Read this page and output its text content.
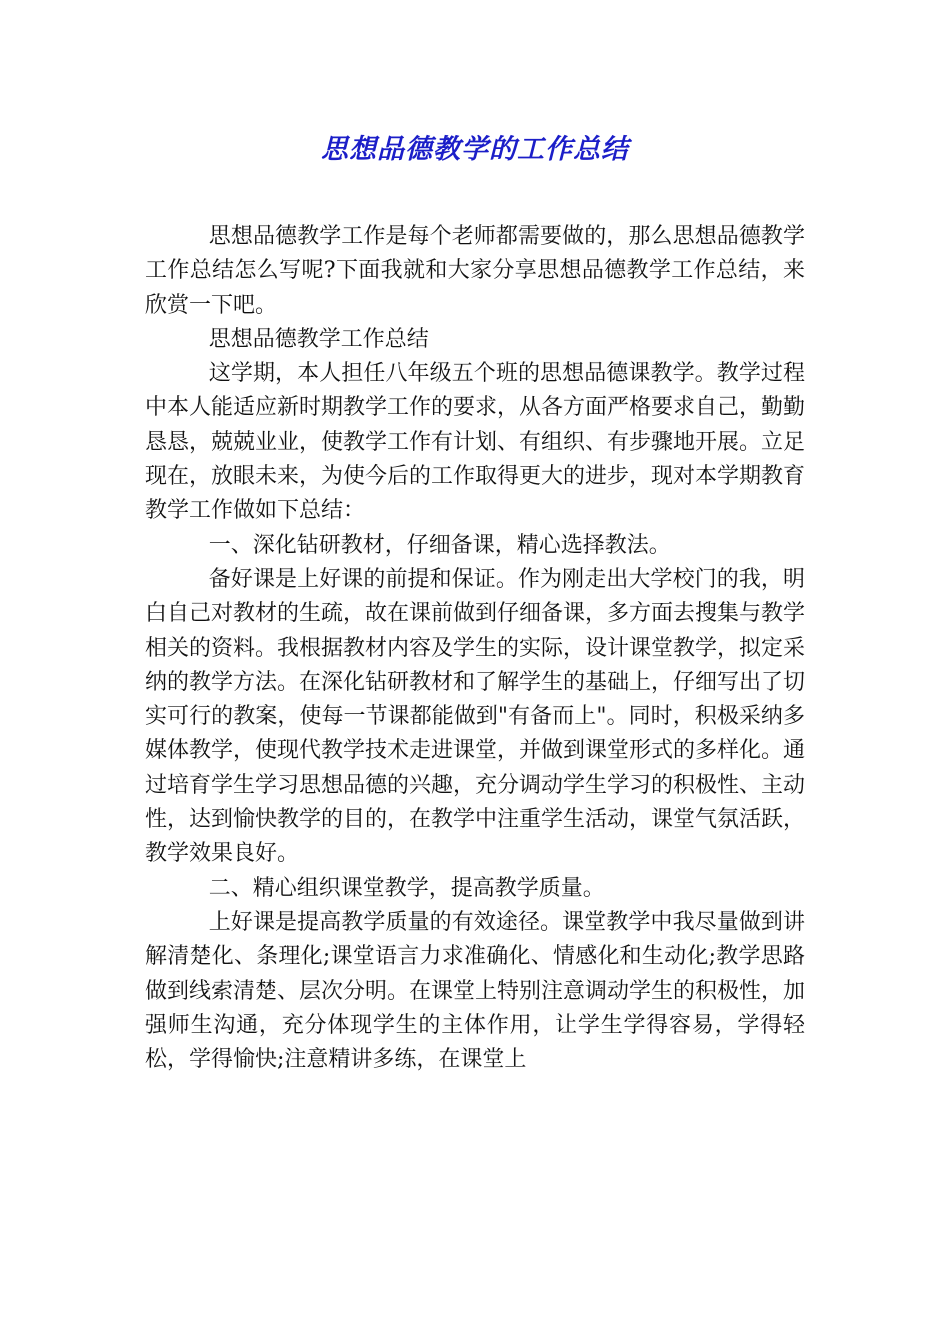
思想品德教学的工作总结

思想品德教学工作是每个老师都需要做的，那么思想品德教学工作总结怎么写呢?下面我就和大家分享思想品德教学工作总结，来欣赏一下吧。

思想品德教学工作总结

这学期，本人担任八年级五个班的思想品德课教学。教学过程中本人能适应新时期教学工作的要求，从各方面严格要求自己，勤勤恳恳，兢兢业业，使教学工作有计划、有组织、有步骤地开展。立足现在，放眼未来，为使今后的工作取得更大的进步，现对本学期教育教学工作做如下总结：

一、深化钻研教材，仔细备课，精心选择教法。

备好课是上好课的前提和保证。作为刚走出大学校门的我，明白自己对教材的生疏，故在课前做到仔细备课，多方面去搜集与教学相关的资料。我根据教材内容及学生的实际，设计课堂教学，拟定采纳的教学方法。在深化钻研教材和了解学生的基础上，仔细写出了切实可行的教案，使每一节课都能做到"有备而上"。同时，积极采纳多媒体教学，使现代教学技术走进课堂，并做到课堂形式的多样化。通过培育学生学习思想品德的兴趣，充分调动学生学习的积极性、主动性，达到愉快教学的目的，在教学中注重学生活动，课堂气氛活跃，教学效果良好。

二、精心组织课堂教学，提高教学质量。

上好课是提高教学质量的有效途径。课堂教学中我尽量做到讲解清楚化、条理化;课堂语言力求准确化、情感化和生动化;教学思路做到线索清楚、层次分明。在课堂上特别注意调动学生的积极性，加强师生沟通，充分体现学生的主体作用，让学生学得容易，学得轻松，学得愉快;注意精讲多练，在课堂上
